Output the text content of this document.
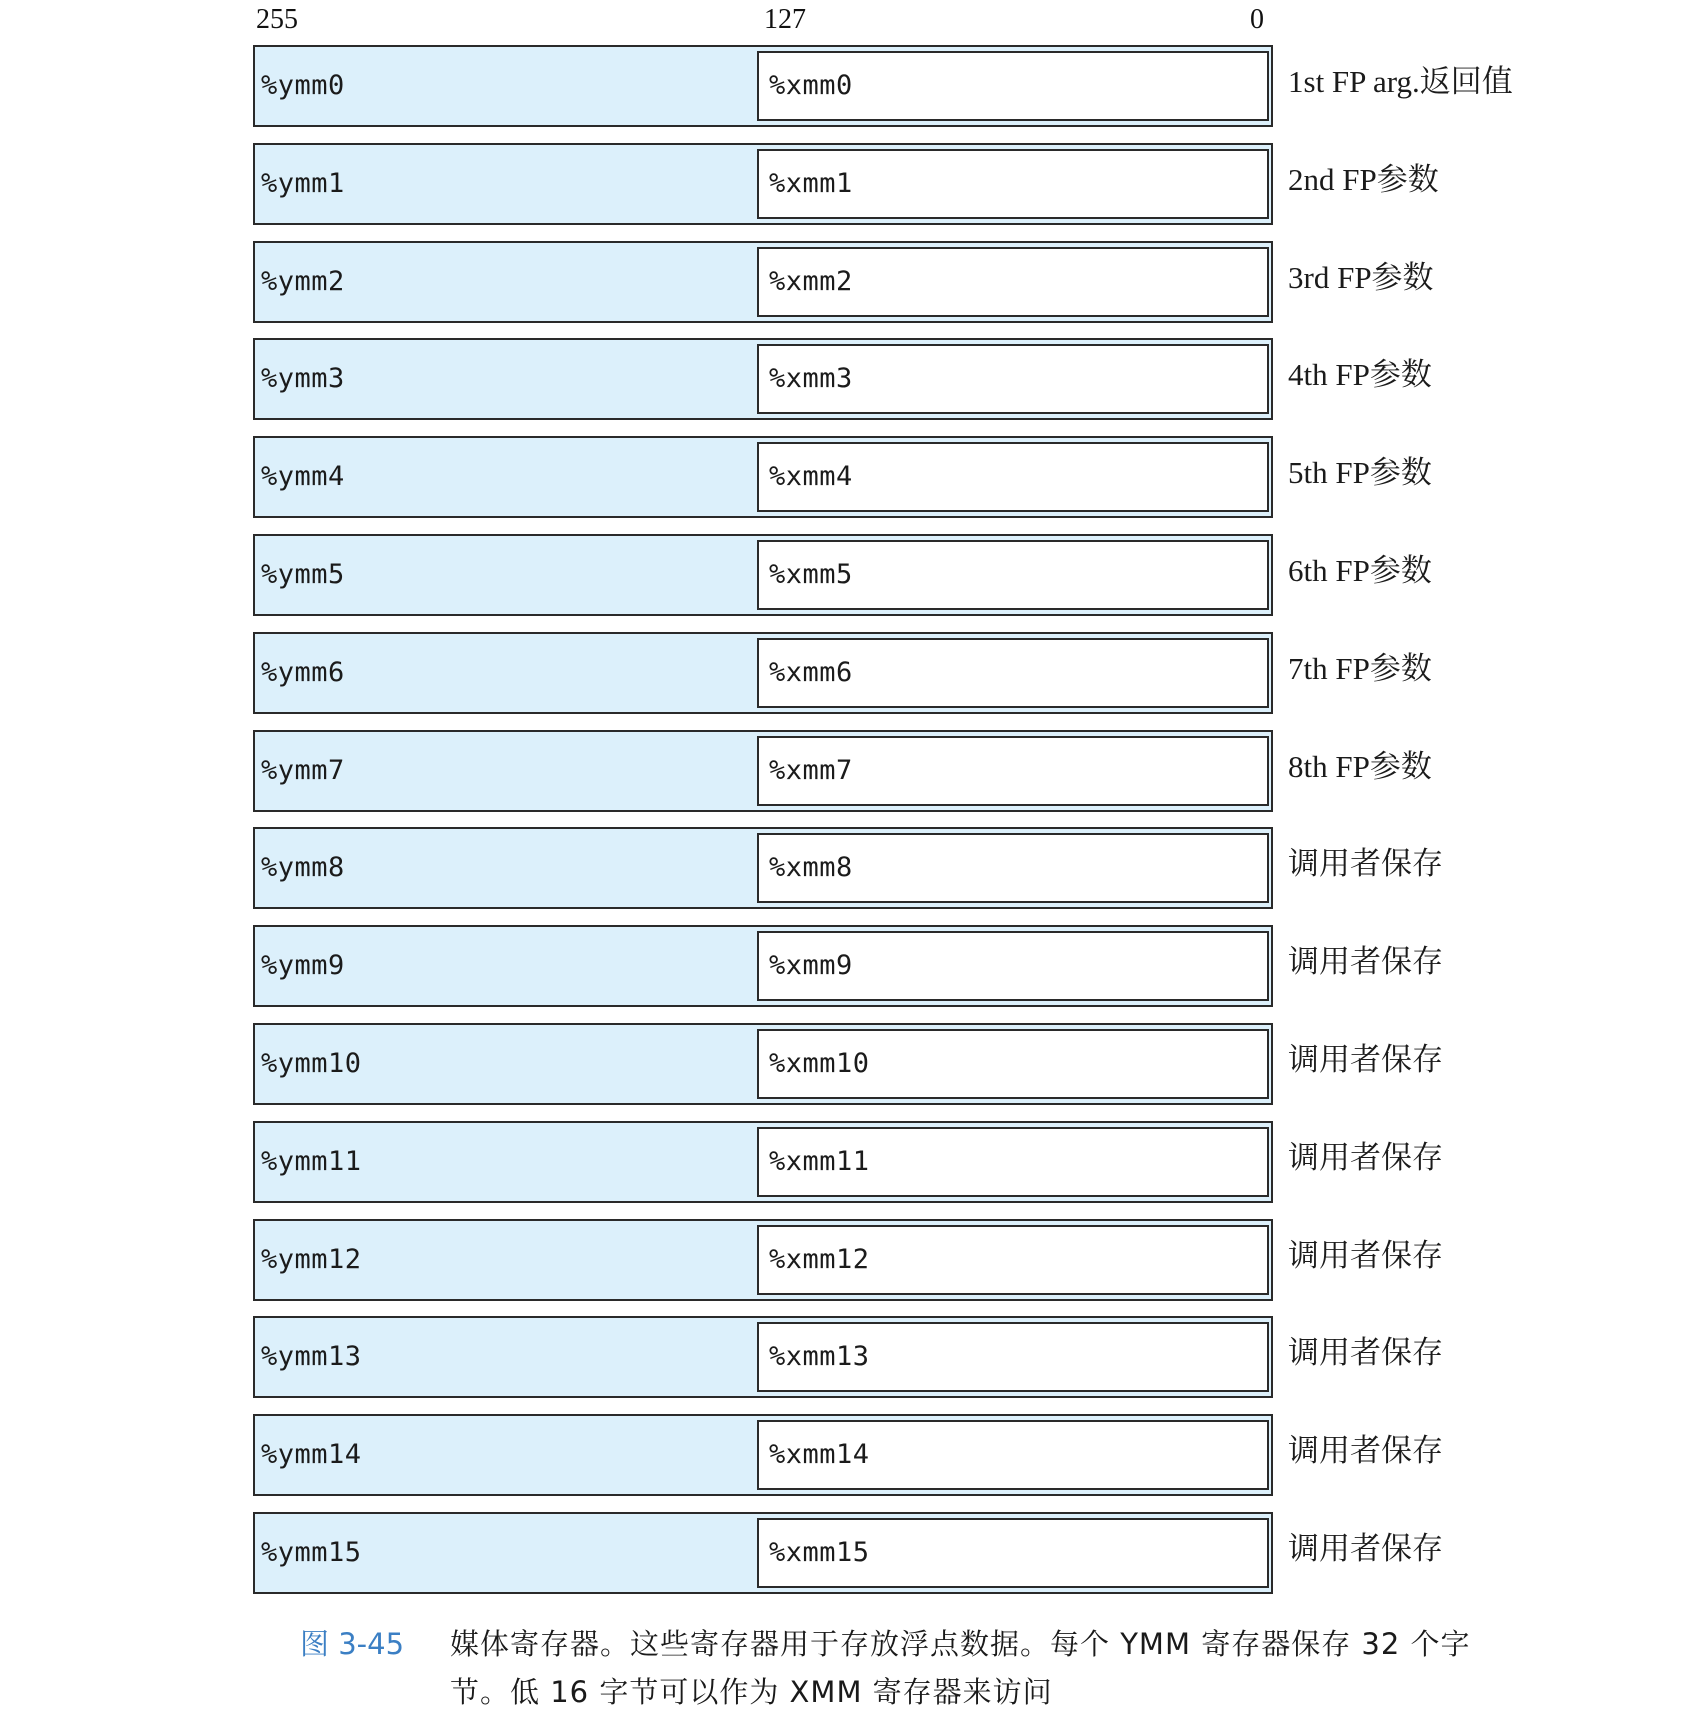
255	127	0
%ymm0	%xmm0	1st FP arg.返回值
%ymm1	%xmm1	2nd FP参数
%ymm2	%xmm2	3rd FP参数
%ymm3	%xmm3	4th FP参数
%ymm4	%xmm4	5th FP参数
%ymm5	%xmm5	6th FP参数
%ymm6	%xmm6	7th FP参数
%ymm7	%xmm7	8th FP参数
%ymm8	%xmm8	调用者保存
%ymm9	%xmm9	调用者保存
%ymm10	%xmm10	调用者保存
%ymm11	%xmm11	调用者保存
%ymm12	%xmm12	调用者保存
%ymm13	%xmm13	调用者保存
%ymm14	%xmm14	调用者保存
%ymm15	%xmm15	调用者保存
图 3-45 媒体寄存器。这些寄存器用于存放浮点数据。每个 YMM 寄存器保存 32 个字节。低 16 字节可以作为 XMM 寄存器来访问
